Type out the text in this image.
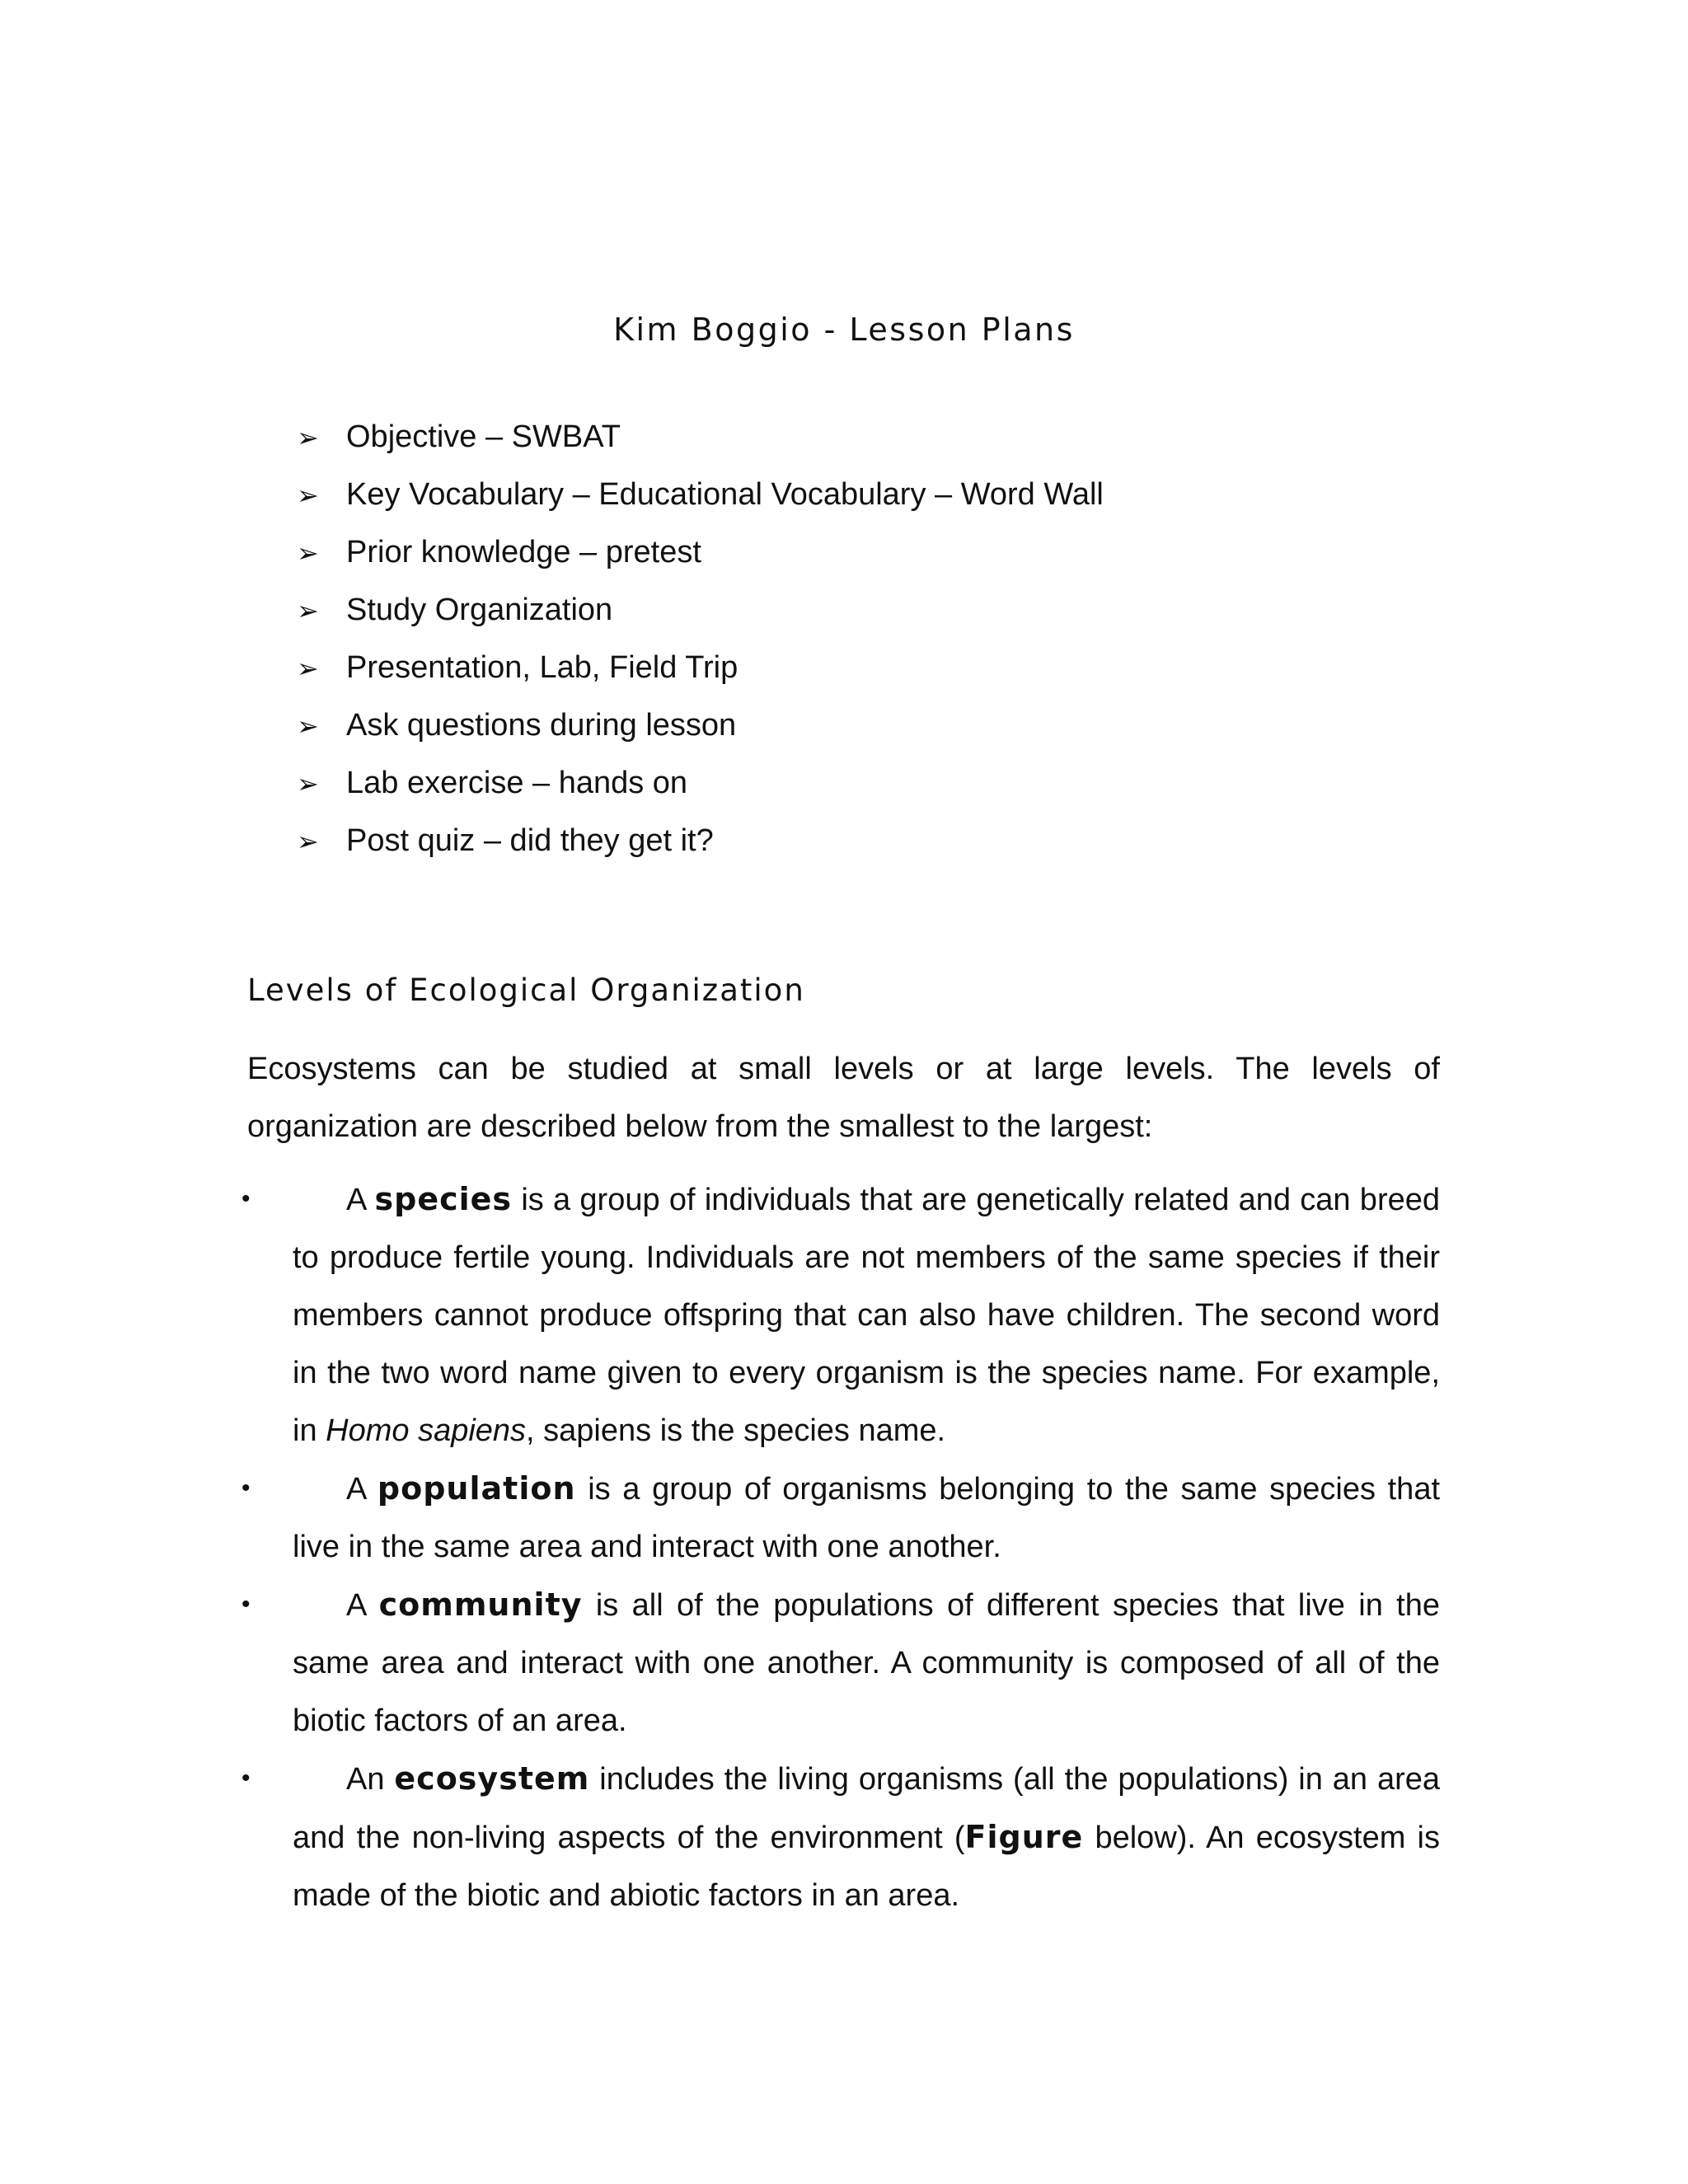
Kim Boggio - Lesson Plans
➢ Objective – SWBAT
➢ Key Vocabulary – Educational Vocabulary – Word Wall
➢ Prior knowledge – pretest
➢ Study Organization
➢ Presentation, Lab, Field Trip
➢ Ask questions during lesson
➢ Lab exercise – hands on
➢ Post quiz – did they get it?
Levels of Ecological Organization

Ecosystems can be studied at small levels or at large levels. The levels of organization are described below from the smallest to the largest:

•	A species is a group of individuals that are genetically related and can breed to produce fertile young. Individuals are not members of the same species if their members cannot produce offspring that can also have children. The second word in the two word name given to every organism is the species name. For example, in Homo sapiens, sapiens is the species name.
•	A population is a group of organisms belonging to the same species that live in the same area and interact with one another.
•	A community is all of the populations of different species that live in the same area and interact with one another. A community is composed of all of the biotic factors of an area.
•	An ecosystem includes the living organisms (all the populations) in an area and the non-living aspects of the environment (Figure below). An ecosystem is made of the biotic and abiotic factors in an area.
